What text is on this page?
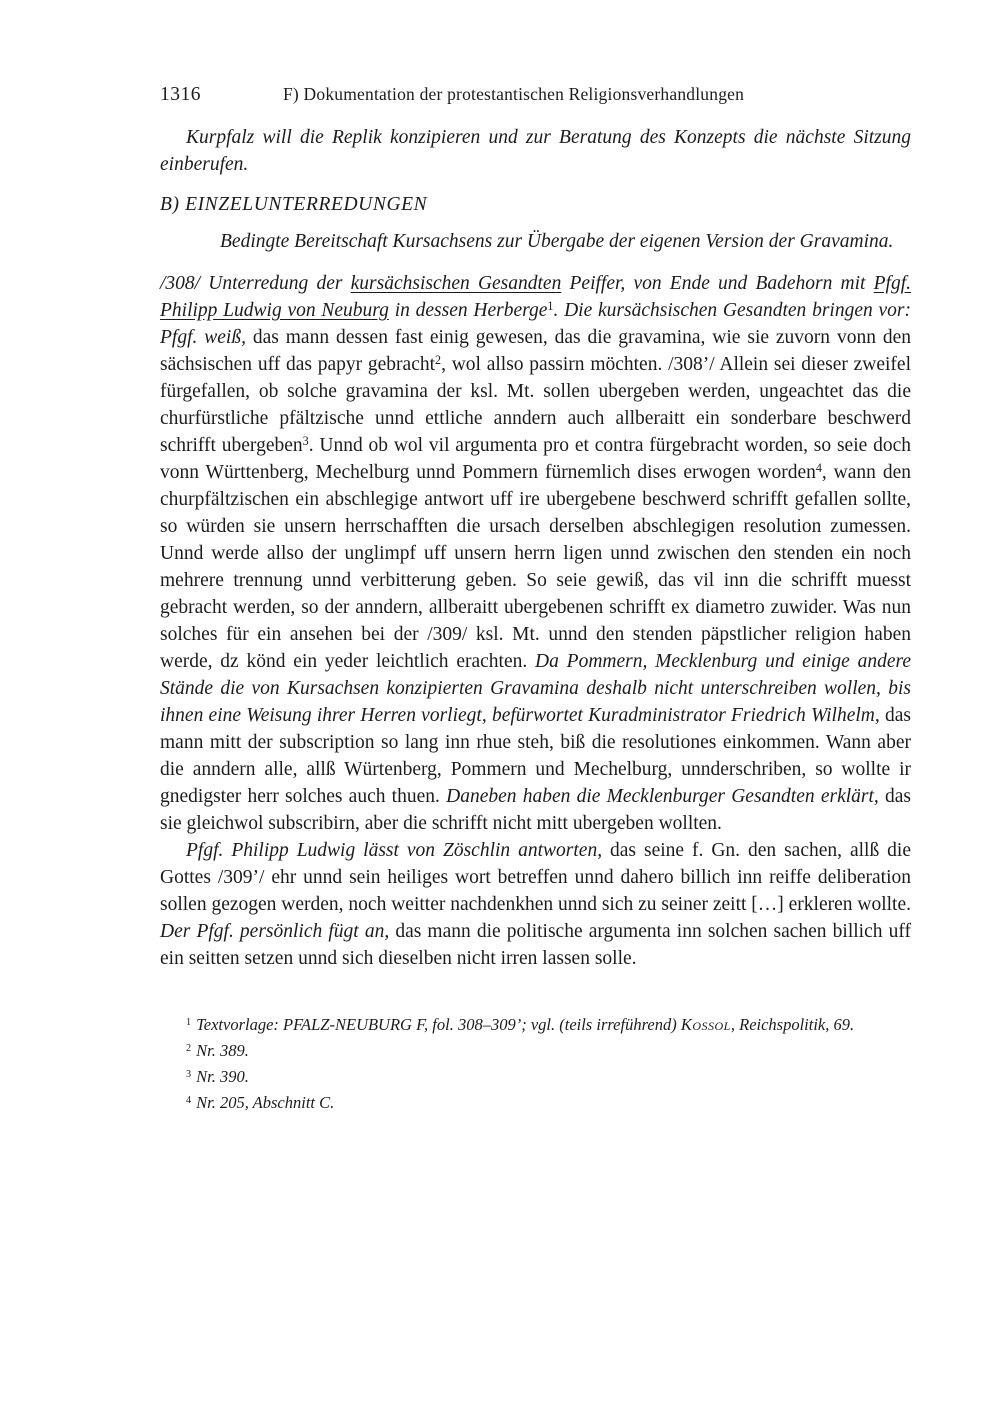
1316	F) Dokumentation der protestantischen Religionsverhandlungen
Kurpfalz will die Replik konzipieren und zur Beratung des Konzepts die nächste Sitzung einberufen.
B) EINZELUNTERREDUNGEN
Bedingte Bereitschaft Kursachsens zur Übergabe der eigenen Version der Gravamina.
/308/ Unterredung der kursächsischen Gesandten Peiffer, von Ende und Badehorn mit Pfgf. Philipp Ludwig von Neuburg in dessen Herberge$^1$. Die kursächsischen Gesandten bringen vor: Pfgf. weiß, das mann dessen fast einig gewesen, das die gravamina, wie sie zuvorn vonn den sächsischen uff das papyr gebracht$^2$, wol allso passirn möchten. /308’/ Allein sei dieser zweifel fürgefallen, ob solche gravamina der ksl. Mt. sollen ubergeben werden, ungeachtet das die churfürstliche pfältzische unnd ettliche anndern auch allberaitt ein sonderbare beschwerd schrifft ubergeben$^3$. Unnd ob wol vil argumenta pro et contra fürgebracht worden, so seie doch vonn Württenberg, Mechelburg unnd Pommern fürnemlich dises erwogen worden$^4$, wann den churpfältzischen ein abschlegige antwort uff ire ubergebene beschwerd schrifft gefallen sollte, so würden sie unsern herrschafften die ursach derselben abschlegigen resolution zumessen. Unnd werde allso der unglimpf uff unsern herrn ligen unnd zwischen den stenden ein noch mehrere trennung unnd verbitterung geben. So seie gewiß, das vil inn die schrifft muesst gebracht werden, so der anndern, allberaitt ubergebenen schrifft ex diametro zuwider. Was nun solches für ein ansehen bei der /309/ ksl. Mt. unnd den stenden päpstlicher religion haben werde, dz könd ein yeder leichtlich erachten. Da Pommern, Mecklenburg und einige andere Stände die von Kursachsen konzipierten Gravamina deshalb nicht unterschreiben wollen, bis ihnen eine Weisung ihrer Herren vorliegt, befürwortet Kuradministrator Friedrich Wilhelm, das mann mitt der subscription so lang inn rhue steh, biß die resolutiones einkommen. Wann aber die anndern alle, allß Würtenberg, Pommern und Mechelburg, unnderschriben, so wollte ir gnedigster herr solches auch thuen. Daneben haben die Mecklenburger Gesandten erklärt, das sie gleichwol subscribirn, aber die schrifft nicht mitt ubergeben wollten.
Pfgf. Philipp Ludwig lässt von Zöschlin antworten, das seine f. Gn. den sachen, allß die Gottes /309’/ ehr unnd sein heiliges wort betreffen unnd dahero billich inn reiffe deliberation sollen gezogen werden, noch weitter nachdenkhen unnd sich zu seiner zeitt […] erkleren wollte. Der Pfgf. persönlich fügt an, das mann die politische argumenta inn solchen sachen billich uff ein seitten setzen unnd sich dieselben nicht irren lassen solle.
$^1$ Textvorlage: PFALZ-NEUBURG F, fol. 308–309’; vgl. (teils irreführend) Kossol, Reichspolitik, 69.
$^2$ Nr. 389.
$^3$ Nr. 390.
$^4$ Nr. 205, Abschnitt C.
